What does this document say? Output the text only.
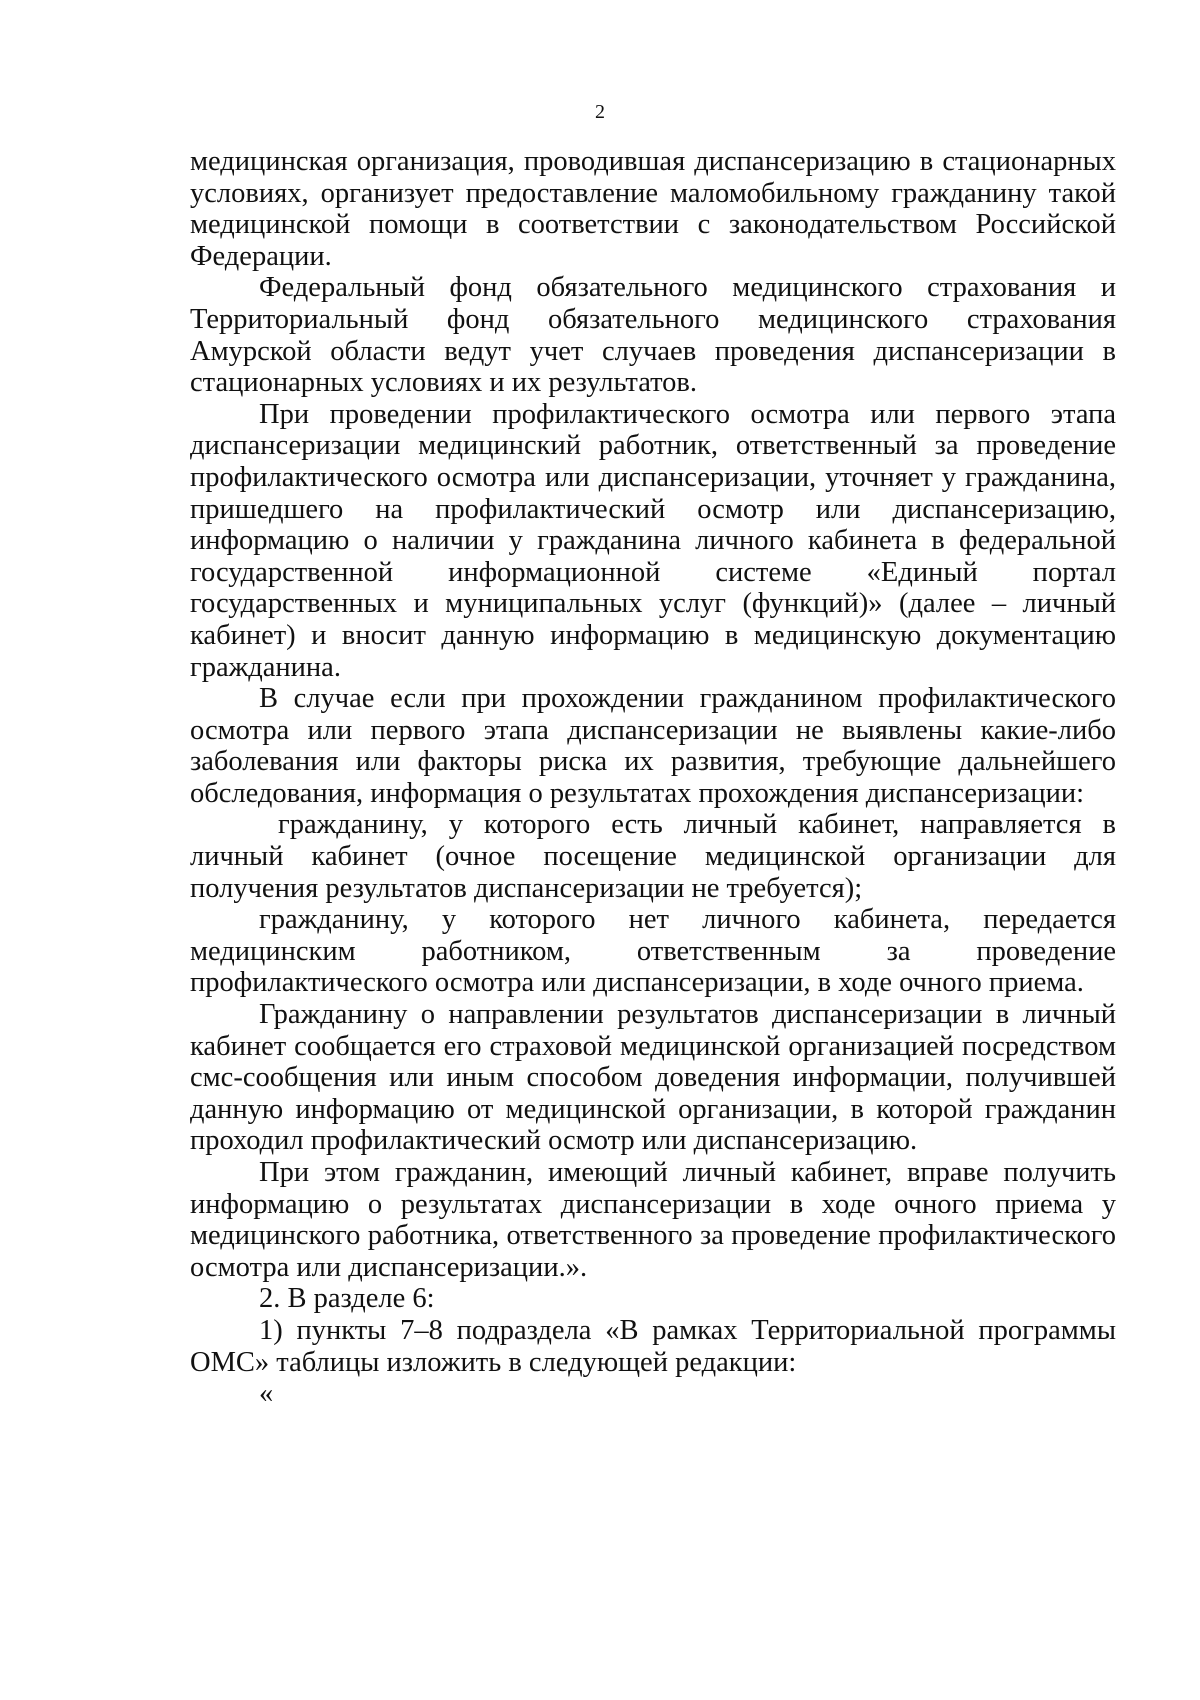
2

медицинская организация, проводившая диспансеризацию в стационарных условиях, организует предоставление маломобильному гражданину такой медицинской помощи в соответствии с законодательством Российской Федерации.

Федеральный фонд обязательного медицинского страхования и Территориальный фонд обязательного медицинского страхования Амурской области ведут учет случаев проведения диспансеризации в стационарных условиях и их результатов.

При проведении профилактического осмотра или первого этапа диспансеризации медицинский работник, ответственный за проведение профилактического осмотра или диспансеризации, уточняет у гражданина, пришедшего на профилактический осмотр или диспансеризацию, информацию о наличии у гражданина личного кабинета в федеральной государственной информационной системе «Единый портал государственных и муниципальных услуг (функций)» (далее – личный кабинет) и вносит данную информацию в медицинскую документацию гражданина.

В случае если при прохождении гражданином профилактического осмотра или первого этапа диспансеризации не выявлены какие-либо заболевания или факторы риска их развития, требующие дальнейшего обследования, информация о результатах прохождения диспансеризации:

гражданину, у которого есть личный кабинет, направляется в личный кабинет (очное посещение медицинской организации для получения результатов диспансеризации не требуется);

гражданину, у которого нет личного кабинета, передается медицинским работником, ответственным за проведение профилактического осмотра или диспансеризации, в ходе очного приема.

Гражданину о направлении результатов диспансеризации в личный кабинет сообщается его страховой медицинской организацией посредством смс-сообщения или иным способом доведения информации, получившей данную информацию от медицинской организации, в которой гражданин проходил профилактический осмотр или диспансеризацию.

При этом гражданин, имеющий личный кабинет, вправе получить информацию о результатах диспансеризации в ходе очного приема у медицинского работника, ответственного за проведение профилактического осмотра или диспансеризации.».

2. В разделе 6:

1) пункты 7–8 подраздела «В рамках Территориальной программы ОМС» таблицы изложить в следующей редакции:

«
